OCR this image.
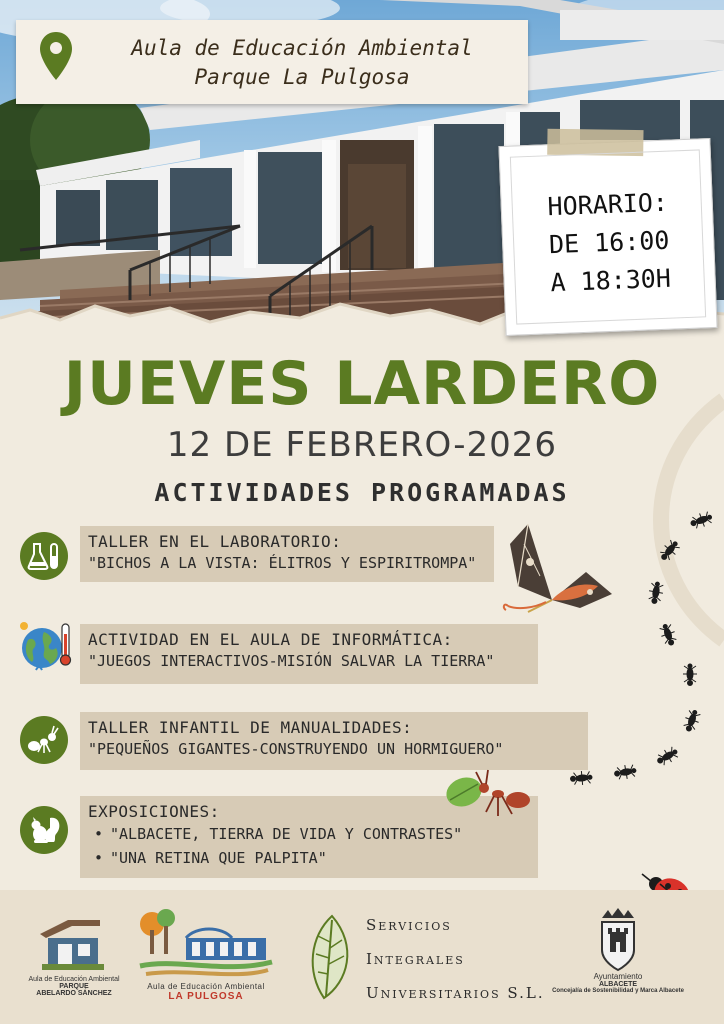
Aula de Educación Ambiental
Parque La Pulgosa
HORARIO:
DE 16:00
A 18:30H
JUEVES LARDERO
12 DE FEBRERO-2026
ACTIVIDADES PROGRAMADAS
TALLER EN EL LABORATORIO:
"BICHOS A LA VISTA: ÉLITROS Y ESPIRITROMPA"
ACTIVIDAD EN EL AULA DE INFORMÁTICA:
"JUEGOS INTERACTIVOS-MISIÓN SALVAR LA TIERRA"
TALLER INFANTIL DE MANUALIDADES:
"PEQUEÑOS GIGANTES-CONSTRUYENDO UN HORMIGUERO"
EXPOSICIONES:
• "ALBACETE, TIERRA DE VIDA Y CONTRASTES"
• "UNA RETINA QUE PALPITA"
Aula de Educación Ambiental
PARQUE
ABELARDO SÁNCHEZ
Aula de Educación Ambiental
LA PULGOSA
Servicios
Integrales
Universitarios S.L.
Ayuntamiento
ALBACETE
Concejalía de Sostenibilidad y Marca Albacete
